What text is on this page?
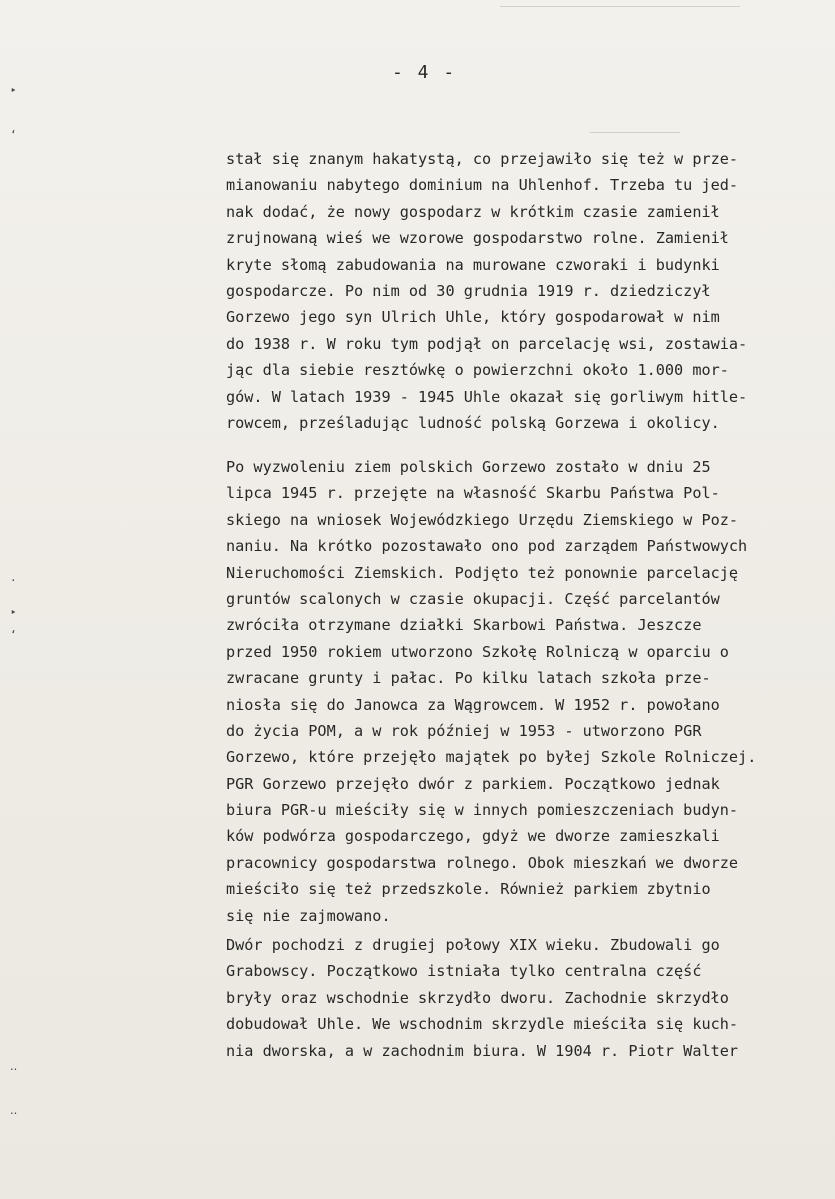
‣
‘
·
‣
‘
‥
‥
- 4 -
stał się znanym hakatystą, co przejawiło się też w prze-
mianowaniu nabytego dominium na Uhlenhof. Trzeba tu jed-
nak dodać, że nowy gospodarz w krótkim czasie zamienił
zrujnowaną wieś we wzorowe gospodarstwo rolne. Zamienił
kryte słomą zabudowania na murowane czworaki i budynki
gospodarcze. Po nim od 30 grudnia 1919 r. dziedziczył
Gorzewo jego syn Ulrich Uhle, który gospodarował w nim
do 1938 r. W roku tym podjął on parcelację wsi, zostawia-
jąc dla siebie resztówkę o powierzchni około 1.000 mor-
gów. W latach 1939 - 1945 Uhle okazał się gorliwym hitle-
rowcem, prześladując ludność polską Gorzewa i okolicy.
Po wyzwoleniu ziem polskich Gorzewo zostało w dniu 25
lipca 1945 r. przejęte na własność Skarbu Państwa Pol-
skiego na wniosek Wojewódzkiego Urzędu Ziemskiego w Poz-
naniu. Na krótko pozostawało ono pod zarządem Państwowych
Nieruchomości Ziemskich. Podjęto też ponownie parcelację
gruntów scalonych w czasie okupacji. Część parcelantów
zwróciła otrzymane działki Skarbowi Państwa. Jeszcze
przed 1950 rokiem utworzono Szkołę Rolniczą w oparciu o
zwracane grunty i pałac. Po kilku latach szkoła prze-
niosła się do Janowca za Wągrowcem. W 1952 r. powołano
do życia POM, a w rok później w 1953 - utworzono PGR
Gorzewo, które przejęło majątek po byłej Szkole Rolniczej.
PGR Gorzewo przejęło dwór z parkiem. Początkowo jednak
biura PGR-u mieściły się w innych pomieszczeniach budyn-
ków podwórza gospodarczego, gdyż we dworze zamieszkali
pracownicy gospodarstwa rolnego. Obok mieszkań we dworze
mieściło się też przedszkole. Również parkiem zbytnio
się nie zajmowano.
Dwór pochodzi z drugiej połowy XIX wieku. Zbudowali go
Grabowscy. Początkowo istniała tylko centralna część
bryły oraz wschodnie skrzydło dworu. Zachodnie skrzydło
dobudował Uhle. We wschodnim skrzydle mieściła się kuch-
nia dworska, a w zachodnim biura. W 1904 r. Piotr Walter
